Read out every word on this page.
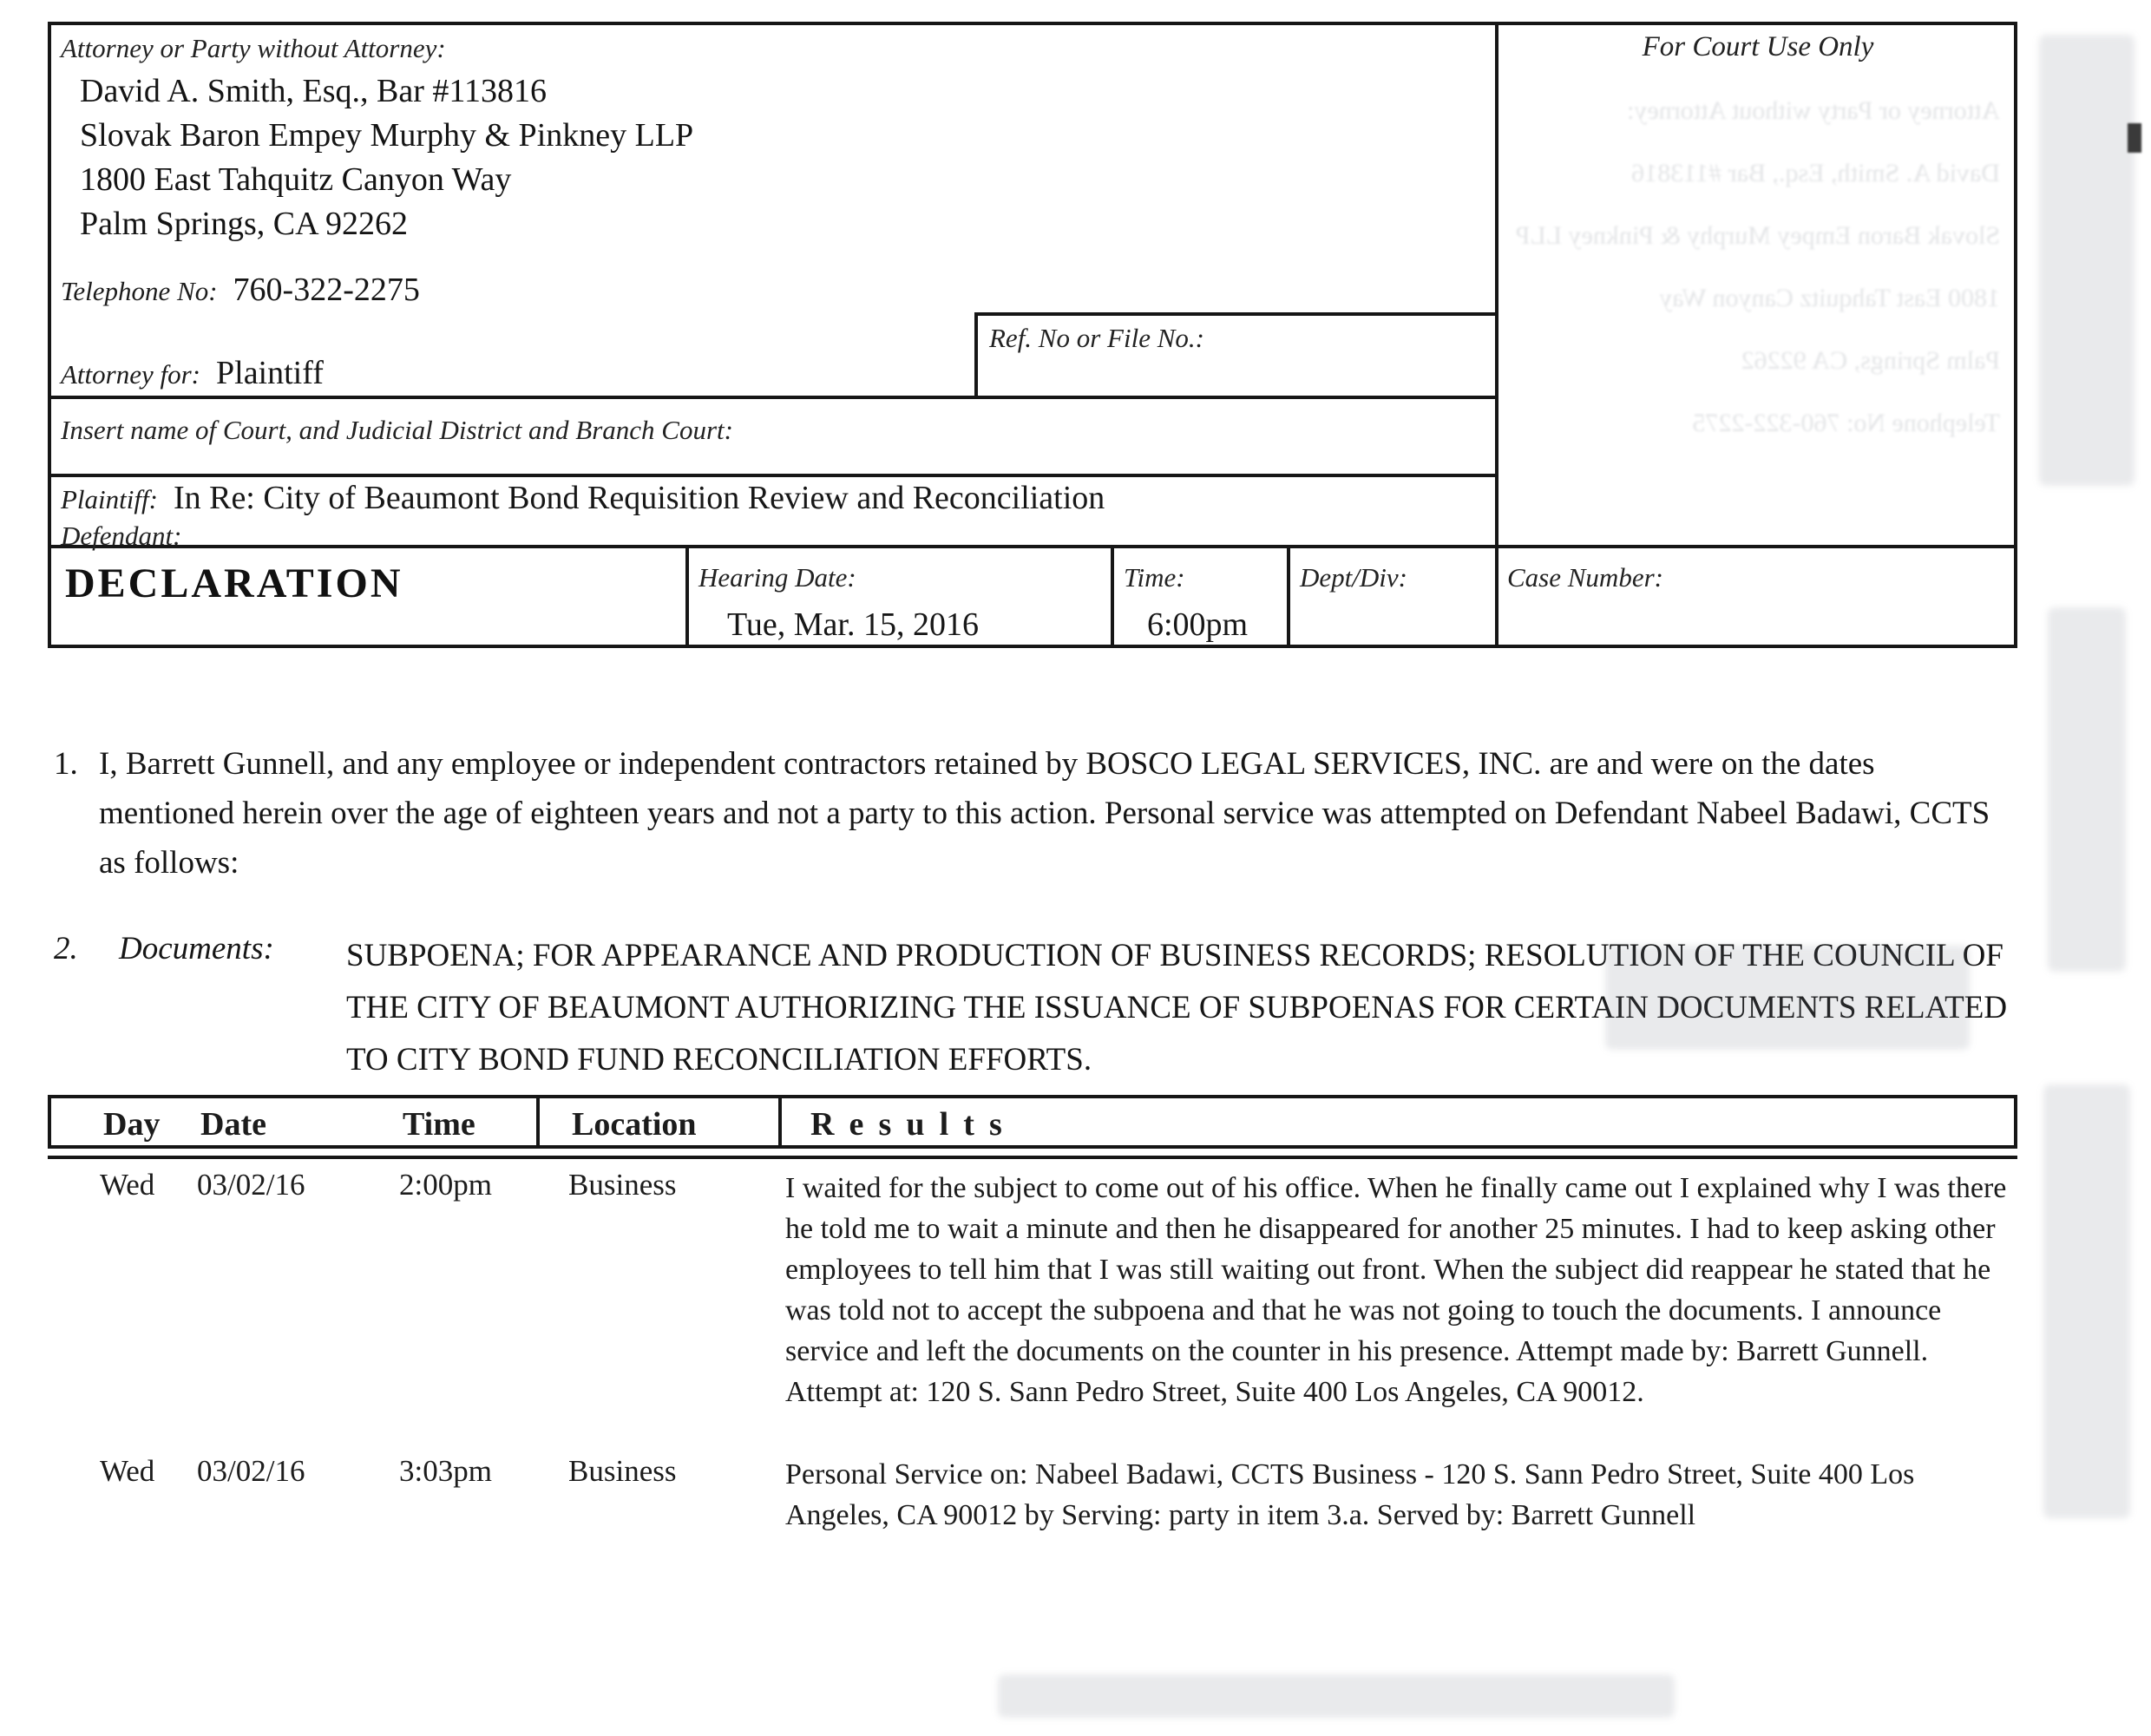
Attorney or Party without Attorney:
David A. Smith, Esq., Bar #113816
Slovak Baron Empey Murphy & Pinkney LLP
1800 East Tahquitz Canyon Way
Palm Springs, CA 92262
Telephone No: 760-322-2275
Ref. No or File No.:
Attorney for: Plaintiff
For Court Use Only
Insert name of Court, and Judicial District and Branch Court:
Plaintiff: In Re: City of Beaumont Bond Requisition Review and Reconciliation
Defendant:
DECLARATION	Hearing Date:
Tue, Mar. 15, 2016
Time:
6:00pm
Dept/Div:	Case Number:
1. I, Barrett Gunnell, and any employee or independent contractors retained by BOSCO LEGAL SERVICES, INC. are and were on the dates mentioned herein over the age of eighteen years and not a party to this action. Personal service was attempted on Defendant Nabeel Badawi, CCTS as follows:
2.	Documents:	SUBPOENA; FOR APPEARANCE AND PRODUCTION OF BUSINESS RECORDS; RESOLUTION OF THE COUNCIL OF THE CITY OF BEAUMONT AUTHORIZING THE ISSUANCE OF SUBPOENAS FOR CERTAIN DOCUMENTS RELATED TO CITY BOND FUND RECONCILIATION EFFORTS.
Day Date	Time	Location	Results
Wed 03/02/16	2:00pm	Business	I waited for the subject to come out of his office. When he finally came out I explained why I was there he told me to wait a minute and then he disappeared for another 25 minutes. I had to keep asking other employees to tell him that I was still waiting out front. When the subject did reappear he stated that he was told not to accept the subpoena and that he was not going to touch the documents. I announce service and left the documents on the counter in his presence. Attempt made by: Barrett Gunnell. Attempt at: 120 S. Sann Pedro Street, Suite 400 Los Angeles, CA 90012.
Wed 03/02/16	3:03pm	Business	Personal Service on: Nabeel Badawi, CCTS Business - 120 S. Sann Pedro Street, Suite 400 Los Angeles, CA 90012 by Serving: party in item 3.a. Served by: Barrett Gunnell
Attorney or Party without Attorney:
David A. Smith, Esq., Bar #113816
Slovak Baron Empey Murphy & Pinkney LLP
1800 East Tahquitz Canyon Way
Palm Springs, CA 92262
Telephone No: 760-322-2275
